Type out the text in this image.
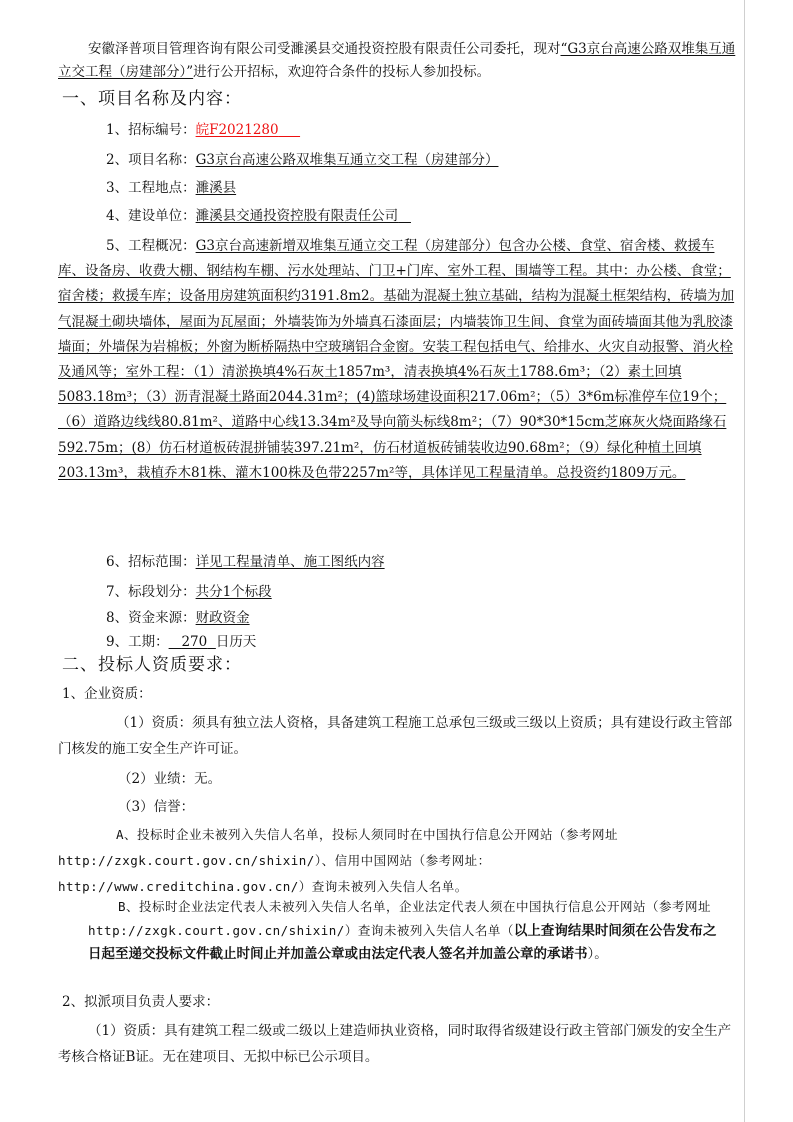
安徽泽普项目管理咨询有限公司受濉溪县交通投资控股有限责任公司委托，现对“G3京台高速公路双堆集互通立交工程（房建部分）”进行公开招标，欢迎符合条件的投标人参加投标。
一、项目名称及内容：
1、招标编号：皖F2021280
2、项目名称：G3京台高速公路双堆集互通立交工程（房建部分）
3、工程地点：濉溪县
4、建设单位：濉溪县交通投资控股有限责任公司
5、工程概况：G3京台高速新增双堆集互通立交工程（房建部分）包含办公楼、食堂、宿舍楼、救援车库、设备房、收费大棚、钢结构车棚、污水处理站、门卫+门库、室外工程、围墙等工程。其中：办公楼、食堂；宿舍楼；救援车库；设备用房建筑面积约3191.8m2。基础为混凝土独立基础，结构为混凝土框架结构，砖墙为加气混凝土砌块墙体，屋面为瓦屋面；外墙装饰为外墙真石漆面层；内墙装饰卫生间、食堂为面砖墙面其他为乳胶漆墙面；外墙保为岩棉板；外窗为断桥隔热中空玻璃铝合金窗。安装工程包括电气、给排水、火灾自动报警、消火栓及通风等；室外工程：（1）清淤换填4%石灰土1857m³，清表换填4%石灰土1788.6m³；（2）素土回填5083.18m³；（3）沥青混凝土路面2044.31m²；(4)篮球场建设面积217.06m²；（5）3*6m标准停车位19个；（6）道路边线线80.81m²、道路中心线13.34m²及导向箭头标线8m²；（7）90*30*15cm芝麻灰火烧面路缘石592.75m；(8）仿石材道板砖混拼铺装397.21m²，仿石材道板砖铺装收边90.68m²；（9）绿化种植土回填203.13m³，栽植乔木81株、灌木100株及色带2257m²等，具体详见工程量清单。总投资约1809万元。
6、招标范围：详见工程量清单、施工图纸内容
7、标段划分：共分1个标段
8、资金来源：财政资金
9、工期： 270 日历天
二、投标人资质要求：
1、企业资质：
（1）资质：须具有独立法人资格，具备建筑工程施工总承包三级或三级以上资质；具有建设行政主管部门核发的施工安全生产许可证。
（2）业绩：无。
（3）信誉：
A、投标时企业未被列入失信人名单，投标人须同时在中国执行信息公开网站（参考网址http://zxgk.court.gov.cn/shixin/）、信用中国网站（参考网址：http://www.creditchina.gov.cn/）查询未被列入失信人名单。
B、投标时企业法定代表人未被列入失信人名单，企业法定代表人须在中国执行信息公开网站（参考网址http://zxgk.court.gov.cn/shixin/）查询未被列入失信人名单（以上查询结果时间须在公告发布之日起至递交投标文件截止时间止并加盖公章或由法定代表人签名并加盖公章的承诺书）。
2、拟派项目负责人要求：
（1）资质：具有建筑工程二级或二级以上建造师执业资格，同时取得省级建设行政主管部门颁发的安全生产考核合格证B证。无在建项目、无拟中标已公示项目。
